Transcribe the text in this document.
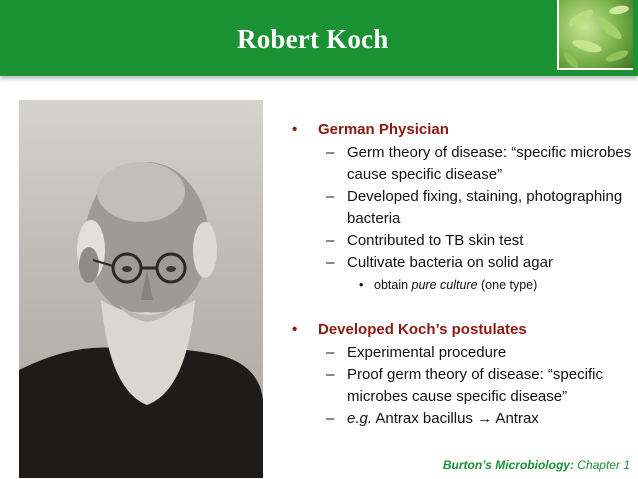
Robert Koch
• German Physician
– Germ theory of disease: “specific microbes cause specific disease”
– Developed fixing, staining, photographing bacteria
– Contributed to TB skin test
– Cultivate bacteria on solid agar
• obtain pure culture (one type)
• Developed Koch’s postulates
– Experimental procedure
– Proof germ theory of disease: “specific microbes cause specific disease”
– e.g. Antrax bacillus → Antrax
Burton’s Microbiology: Chapter 1
